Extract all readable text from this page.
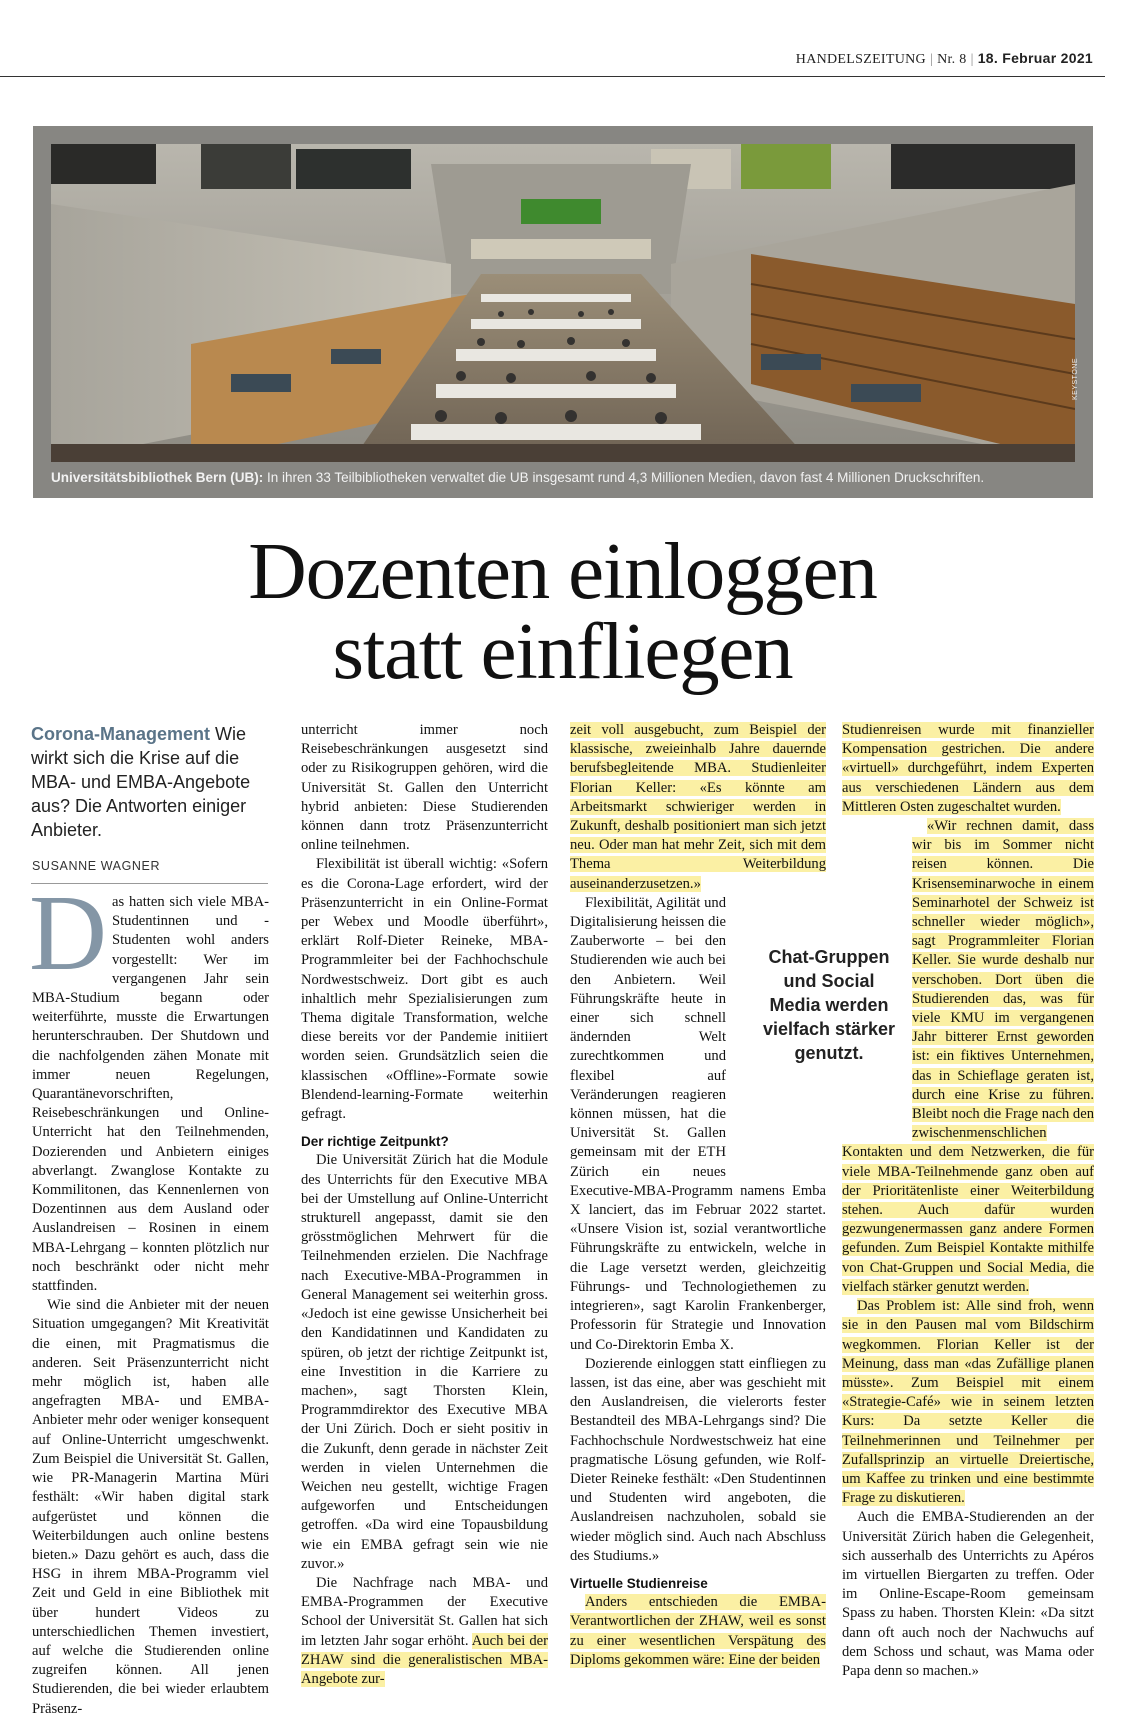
HANDELSZEITUNG | Nr. 8 | 18. Februar 2021
KEYSTONE
Universitätsbibliothek Bern (UB): In ihren 33 Teilbibliotheken verwaltet die UB insgesamt rund 4,3 Millionen Medien, davon fast 4 Millionen Druckschriften.
Dozenten einloggen
statt einfliegen
Corona-Management Wie wirkt sich die Krise auf die MBA- und EMBA-Angebote aus? Die Antworten einiger Anbieter.
SUSANNE WAGNER
D as hatten sich viele MBA-Studentinnen und -Studenten wohl anders vorgestellt: Wer im vergangenen Jahr sein MBA-Studium begann oder weiterführte, musste die Erwartungen herunterschrauben. Der Shutdown und die nachfolgenden zähen Monate mit immer neuen Regelungen, Quarantänevorschriften, Reisebeschränkungen und Online-Unterricht hat den Teilnehmenden, Dozierenden und Anbietern einiges abverlangt. Zwanglose Kontakte zu Kommilitonen, das Kennenlernen von Dozentinnen aus dem Ausland oder Auslandreisen – Rosinen in einem MBA-Lehrgang – konnten plötzlich nur noch beschränkt oder nicht mehr stattfinden.

Wie sind die Anbieter mit der neuen Situation umgegangen? Mit Kreativität die einen, mit Pragmatismus die anderen. Seit Präsenzunterricht nicht mehr möglich ist, haben alle angefragten MBA- und EMBA-Anbieter mehr oder weniger konsequent auf Online-Unterricht umgeschwenkt. Zum Beispiel die Universität St. Gallen, wie PR-Managerin Martina Müri festhält: «Wir haben digital stark aufgerüstet und können die Weiterbildungen auch online bestens bieten.» Dazu gehört es auch, dass die HSG in ihrem MBA-Programm viel Zeit und Geld in eine Bibliothek mit über hundert Videos zu unterschiedlichen Themen investiert, auf welche die Studierenden online zugreifen können. All jenen Studierenden, die bei wieder erlaubtem Präsenz-

unterricht immer noch Reisebeschränkungen ausgesetzt sind oder zu Risikogruppen gehören, wird die Universität St. Gallen den Unterricht hybrid anbieten: Diese Studierenden können dann trotz Präsenzunterricht online teilnehmen.

Flexibilität ist überall wichtig: «Sofern es die Corona-Lage erfordert, wird der Präsenzunterricht in ein Online-Format per Webex und Moodle überführt», erklärt Rolf-Dieter Reineke, MBA-Programmleiter bei der Fachhochschule Nordwestschweiz. Dort gibt es auch inhaltlich mehr Spezialisierungen zum Thema digitale Transformation, welche diese bereits vor der Pandemie initiiert worden seien. Grundsätzlich seien die klassischen «Offline»-Formate sowie Blendend-learning-Formate weiterhin gefragt.

Der richtige Zeitpunkt?

Die Universität Zürich hat die Module des Unterrichts für den Executive MBA bei der Umstellung auf Online-Unterricht strukturell angepasst, damit sie den grösstmöglichen Mehrwert für die Teilnehmenden erzielen. Die Nachfrage nach Executive-MBA-Programmen in General Management sei weiterhin gross. «Jedoch ist eine gewisse Unsicherheit bei den Kandidatinnen und Kandidaten zu spüren, ob jetzt der richtige Zeitpunkt ist, eine Investition in die Karriere zu machen», sagt Thorsten Klein, Programmdirektor des Executive MBA der Uni Zürich. Doch er sieht positiv in die Zukunft, denn gerade in nächster Zeit werden in vielen Unternehmen die Weichen neu gestellt, wichtige Fragen aufgeworfen und Entscheidungen getroffen. «Da wird eine Topausbildung wie ein EMBA gefragt sein wie nie zuvor.»

Die Nachfrage nach MBA- und EMBA-Programmen der Executive School der Universität St. Gallen hat sich im letzten Jahr sogar erhöht. Auch bei der ZHAW sind die generalistischen MBA-Angebote zur-

zeit voll ausgebucht, zum Beispiel der klassische, zweieinhalb Jahre dauernde berufsbegleitende MBA. Studienleiter Florian Keller: «Es könnte am Arbeitsmarkt schwieriger werden in Zukunft, deshalb positioniert man sich jetzt neu. Oder man hat mehr Zeit, sich mit dem Thema Weiterbildung auseinanderzusetzen.»

Flexibilität, Agilität und Digitalisierung heissen die Zauberworte – bei den Studierenden wie auch bei den Anbietern. Weil Führungskräfte heute in einer sich schnell ändernden Welt zurechtkommen und flexibel auf Veränderungen reagieren können müssen, hat die Universität St. Gallen gemeinsam mit der ETH Zürich ein neues Executive-MBA-Programm namens Emba X lanciert, das im Februar 2022 startet. «Unsere Vision ist, sozial verantwortliche Führungskräfte zu entwickeln, welche in die Lage versetzt werden, gleichzeitig Führungs- und Technologiethemen zu integrieren», sagt Karolin Frankenberger, Professorin für Strategie und Innovation und Co-Direktorin Emba X.

Dozierende einloggen statt einfliegen zu lassen, ist das eine, aber was geschieht mit den Auslandreisen, die vielerorts fester Bestandteil des MBA-Lehrgangs sind? Die Fachhochschule Nordwestschweiz hat eine pragmatische Lösung gefunden, wie Rolf-Dieter Reineke festhält: «Den Studentinnen und Studenten wird angeboten, die Auslandreisen nachzuholen, sobald sie wieder möglich sind. Auch nach Abschluss des Studiums.»

Virtuelle Studienreise

Anders entschieden die EMBA-Verantwortlichen der ZHAW, weil es sonst zu einer wesentlichen Verspätung des Diploms gekommen wäre: Eine der beiden

Chat-Gruppen und Social Media werden vielfach stärker genutzt.

Studienreisen wurde mit finanzieller Kompensation gestrichen. Die andere «virtuell» durchgeführt, indem Experten aus verschiedenen Ländern aus dem Mittleren Osten zugeschaltet wurden.

«Wir rechnen damit, dass wir bis im Sommer nicht reisen können. Die Krisenseminarwoche in einem Seminarhotel der Schweiz ist schneller wieder möglich», sagt Programmleiter Florian Keller. Sie wurde deshalb nur verschoben. Dort üben die Studierenden das, was für viele KMU im vergangenen Jahr bitterer Ernst geworden ist: ein fiktives Unternehmen, das in Schieflage geraten ist, durch eine Krise zu führen. Bleibt noch die Frage nach den zwischenmenschlichen Kontakten und dem Netzwerken, die für viele MBA-Teilnehmende ganz oben auf der Prioritätenliste einer Weiterbildung stehen. Auch dafür wurden gezwungenermassen ganz andere Formen gefunden. Zum Beispiel Kontakte mithilfe von Chat-Gruppen und Social Media, die vielfach stärker genutzt werden.

Das Problem ist: Alle sind froh, wenn sie in den Pausen mal vom Bildschirm wegkommen. Florian Keller ist der Meinung, dass man «das Zufällige planen müsste». Zum Beispiel mit einem «Strategie-Café» wie in seinem letzten Kurs: Da setzte Keller die Teilnehmerinnen und Teilnehmer per Zufallsprinzip an virtuelle Dreiertische, um Kaffee zu trinken und eine bestimmte Frage zu diskutieren.

Auch die EMBA-Studierenden an der Universität Zürich haben die Gelegenheit, sich ausserhalb des Unterrichts zu Apéros im virtuellen Biergarten zu treffen. Oder im Online-Escape-Room gemeinsam Spass zu haben. Thorsten Klein: «Da sitzt dann oft auch noch der Nachwuchs auf dem Schoss und schaut, was Mama oder Papa denn so machen.»
